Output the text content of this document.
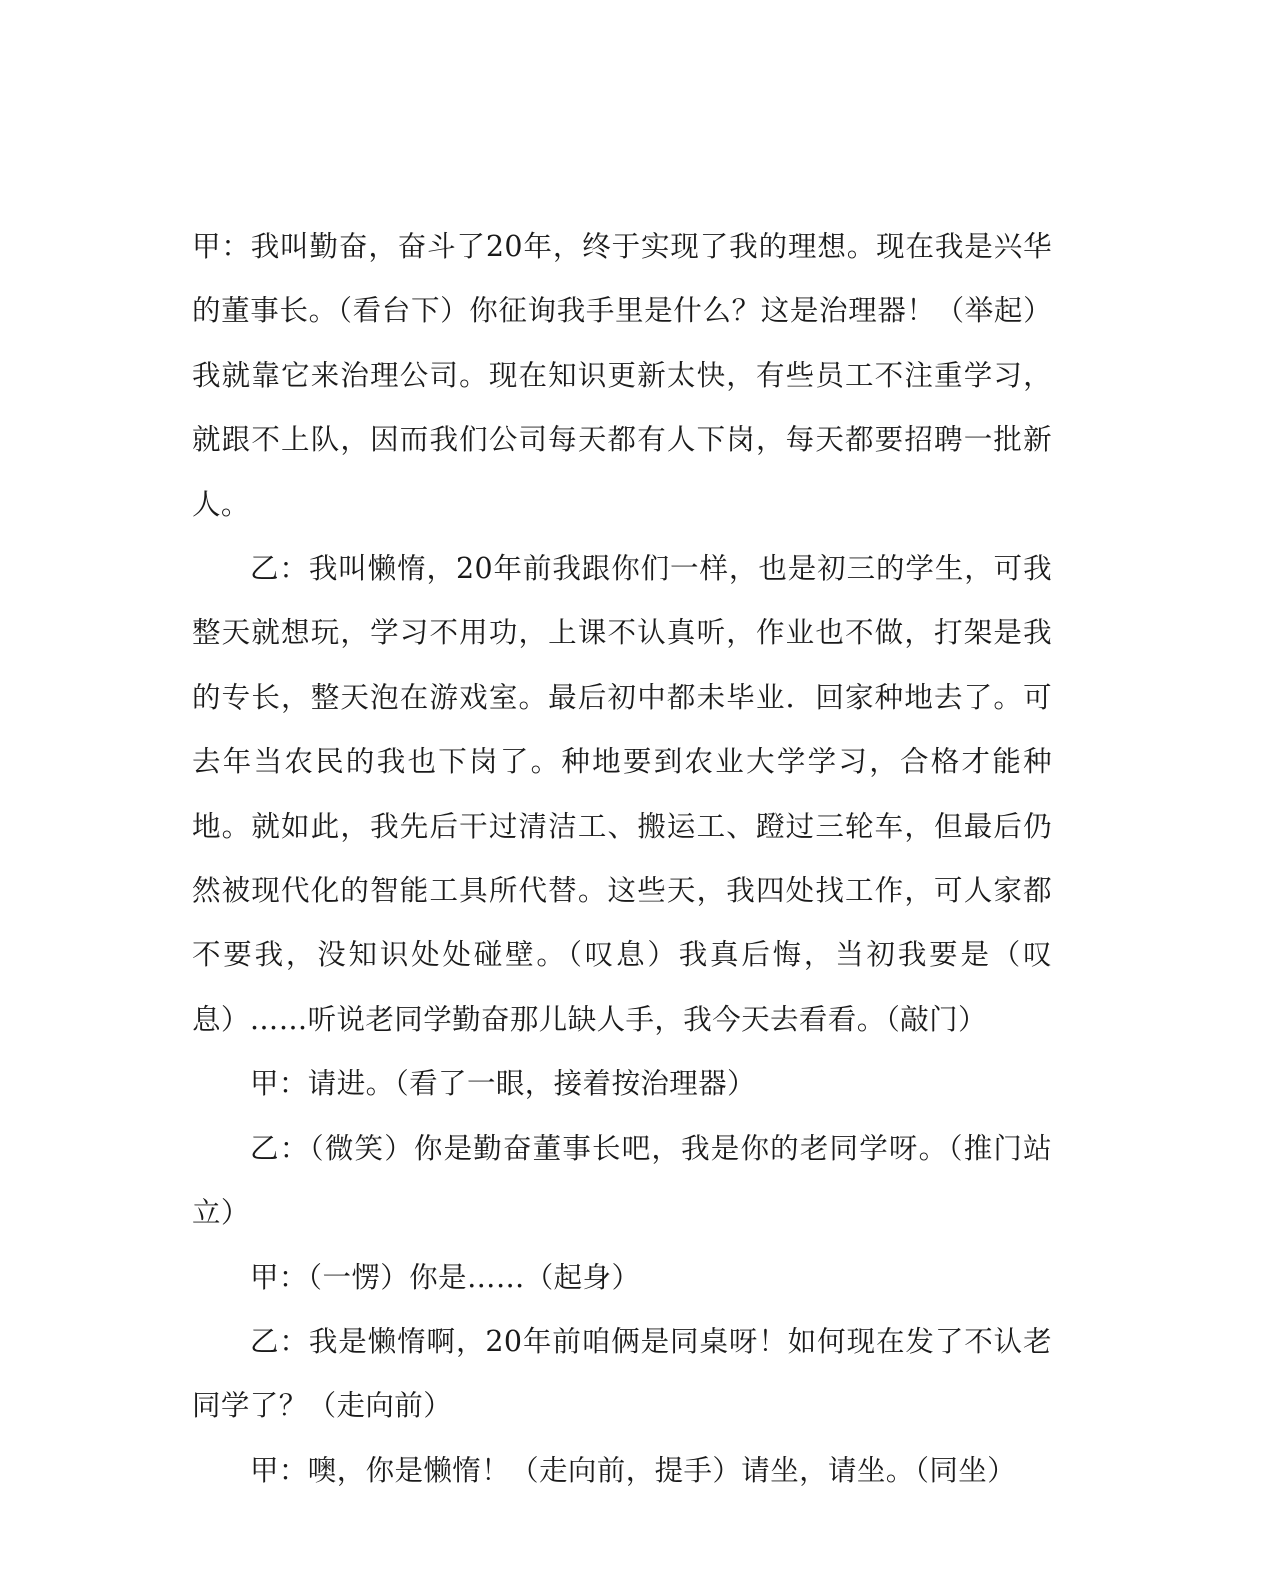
甲：我叫勤奋，奋斗了20年，终于实现了我的理想。现在我是兴华的董事长。（看台下）你征询我手里是什么？这是治理器！（举起）我就靠它来治理公司。现在知识更新太快，有些员工不注重学习，就跟不上队，因而我们公司每天都有人下岗，每天都要招聘一批新人。

乙：我叫懒惰，20年前我跟你们一样，也是初三的学生，可我整天就想玩，学习不用功，上课不认真听，作业也不做，打架是我的专长，整天泡在游戏室。最后初中都未毕业．回家种地去了。可去年当农民的我也下岗了。种地要到农业大学学习，合格才能种地。就如此，我先后干过清洁工、搬运工、蹬过三轮车，但最后仍然被现代化的智能工具所代替。这些天，我四处找工作，可人家都不要我，没知识处处碰壁。（叹息）我真后悔，当初我要是（叹息）……听说老同学勤奋那儿缺人手，我今天去看看。（敲门）

甲：请进。（看了一眼，接着按治理器）

乙：（微笑）你是勤奋董事长吧，我是你的老同学呀。（推门站立）

甲：（一愣）你是……（起身）

乙：我是懒惰啊，20年前咱俩是同桌呀！如何现在发了不认老同学了？（走向前）

甲：噢，你是懒惰！（走向前，提手）请坐，请坐。（同坐）
